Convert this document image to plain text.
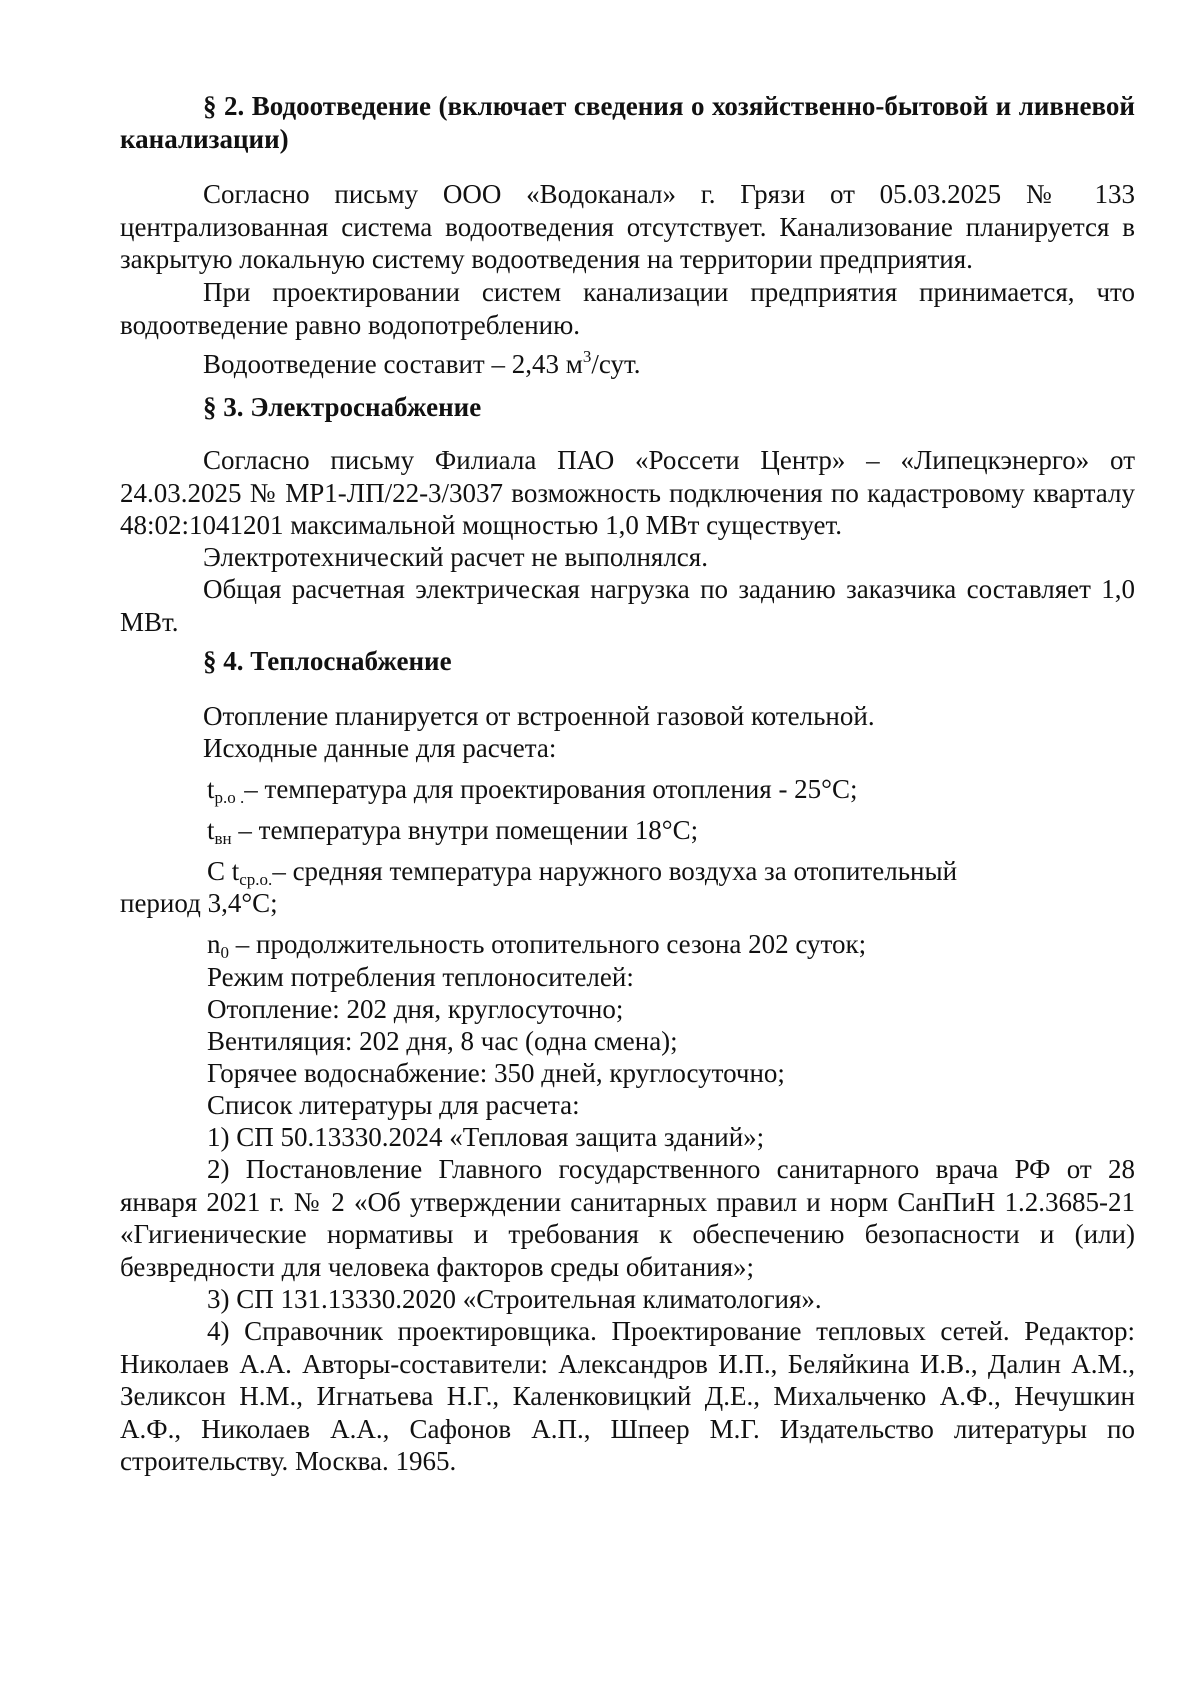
§ 2. Водоотведение (включает сведения о хозяйственно-бытовой и ливневой канализации)
Согласно письму ООО «Водоканал» г. Грязи от 05.03.2025 № 133 централизованная система водоотведения отсутствует. Канализование планируется в закрытую локальную систему водоотведения на территории предприятия.
При проектировании систем канализации предприятия принимается, что водоотведение равно водопотреблению.
Водоотведение составит – 2,43 $м^3$/сут.
§ 3. Электроснабжение
Согласно письму Филиала ПАО «Россети Центр» – «Липецкэнерго» от 24.03.2025 № МР1-ЛП/22-3/3037 возможность подключения по кадастровому кварталу 48:02:1041201 максимальной мощностью 1,0 МВт существует.
Электротехнический расчет не выполнялся.
Общая расчетная электрическая нагрузка по заданию заказчика составляет 1,0 МВт.
§ 4. Теплоснабжение
Отопление планируется от встроенной газовой котельной.
Исходные данные для расчета:
$t_{р.о .}-$ температура для проектирования отопления - 25°С;
$t_{вн}$ – температура внутри помещении 18°С;
С $t_{ср.о.}-$ средняя температура наружного воздуха за отопительный
период 3,4°С;
$n_0$ – продолжительность отопительного сезона 202 суток;
Режим потребления теплоносителей:
Отопление: 202 дня, круглосуточно;
Вентиляция: 202 дня, 8 час (одна смена);
Горячее водоснабжение: 350 дней, круглосуточно;
Список литературы для расчета:
1) СП 50.13330.2024 «Тепловая защита зданий»;
2) Постановление Главного государственного санитарного врача РФ от 28 января 2021 г. № 2 «Об утверждении санитарных правил и норм СанПиН 1.2.3685-21 «Гигиенические нормативы и требования к обеспечению безопасности и (или) безвредности для человека факторов среды обитания»;
3) СП 131.13330.2020 «Строительная климатология».
4) Справочник проектировщика. Проектирование тепловых сетей. Редактор: Николаев А.А. Авторы-составители: Александров И.П., Беляйкина И.В., Далин А.М., Зеликсон Н.М., Игнатьева Н.Г., Каленковицкий Д.Е., Михальченко А.Ф., Нечушкин А.Ф., Николаев А.А., Сафонов А.П., Шпеер М.Г. Издательство литературы по строительству. Москва. 1965.
